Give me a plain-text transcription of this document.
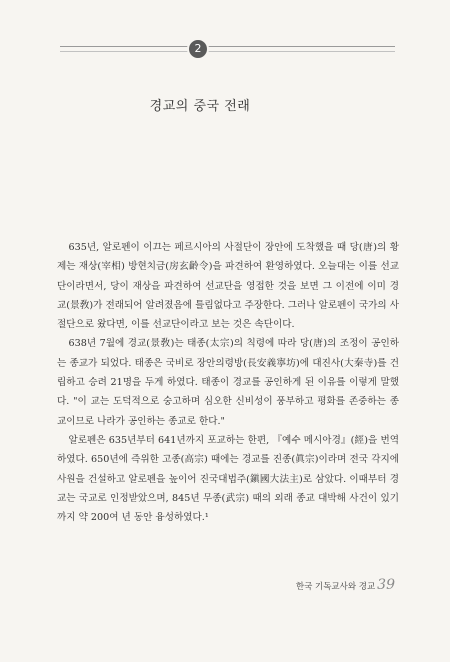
2
경교의 중국 전래

635년, 알로펜이 이끄는 페르시아의 사절단이 장안에 도착했을 때 당(唐)의 황제는 재상(宰相) 방현치금(房玄齡令)을 파견하여 환영하였다. 오늘대는 이를 선교단이라면서, 당이 재상을 파견하여 선교단을 영접한 것을 보면 그 이전에 이미 경교(景敎)가 전래되어 알려졌음에 틀림없다고 주장한다. 그러나 알로펜이 국가의 사절단으로 왔다면, 이를 선교단이라고 보는 것은 속단이다.

638년 7월에 경교(景敎)는 태종(太宗)의 칙령에 따라 당(唐)의 조정이 공인하는 종교가 되었다. 태종은 국비로 장안의령방(長安義寧坊)에 대진사(大秦寺)를 건립하고 승려 21명을 두게 하였다. 태종이 경교를 공인하게 된 이유를 이렇게 말했다. "이 교는 도덕적으로 숭고하며 심오한 신비성이 풍부하고 평화를 존중하는 종교이므로 나라가 공인하는 종교로 한다."

알로펜은 635년부터 641년까지 포교하는 한편, 『예수 메시아경』(經)을 번역하였다. 650년에 즉위한 고종(高宗) 때에는 경교를 진종(眞宗)이라며 전국 각지에 사원을 건설하고 알로펜을 높이어 진국대법주(鎭國大法主)로 삼았다. 이때부터 경교는 국교로 인정받았으며, 845년 무종(武宗) 때의 외래 종교 대박해 사건이 있기까지 약 200여 년 동안 융성하였다.¹

한국 기독교사와 경교 39
